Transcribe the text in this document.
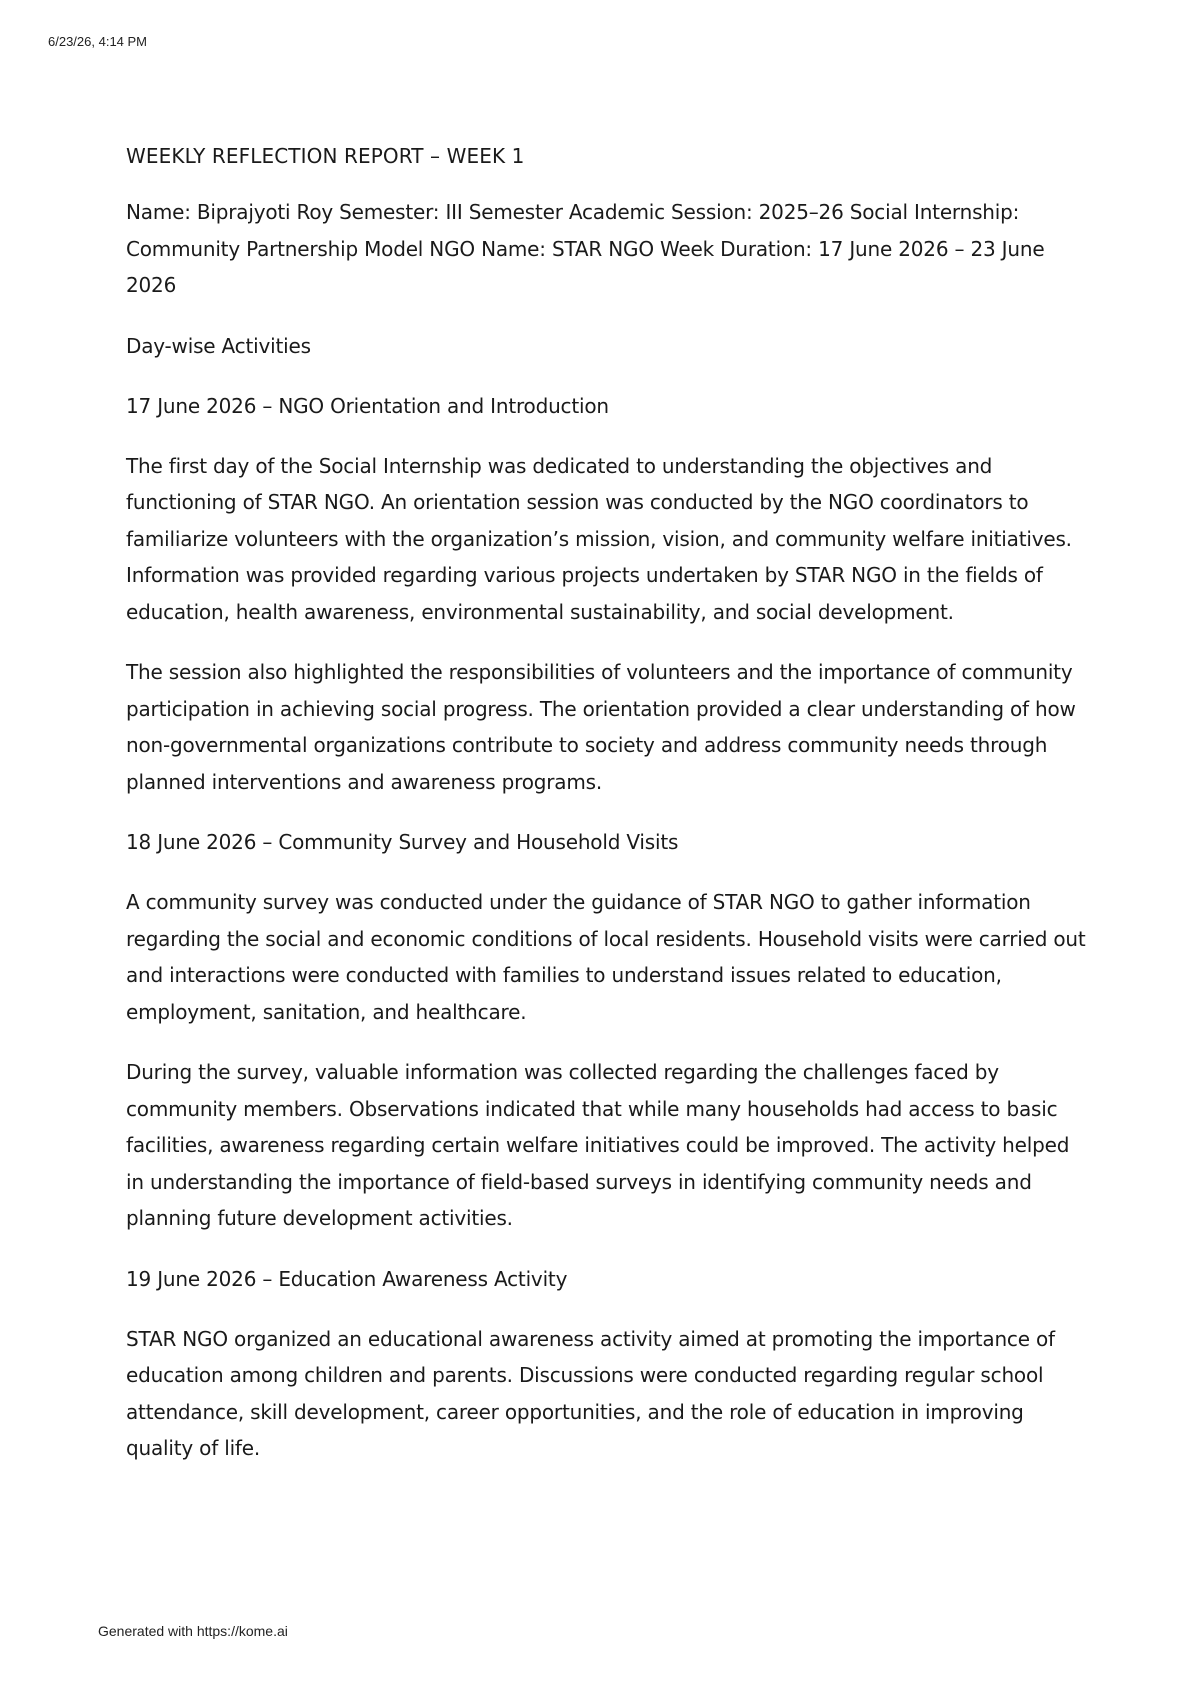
6/23/26, 4:14 PM

WEEKLY REFLECTION REPORT – WEEK 1

Name: Biprajyoti Roy Semester: III Semester Academic Session: 2025–26 Social Internship: Community Partnership Model NGO Name: STAR NGO Week Duration: 17 June 2026 – 23 June 2026

Day-wise Activities
17 June 2026 – NGO Orientation and Introduction

The first day of the Social Internship was dedicated to understanding the objectives and functioning of STAR NGO. An orientation session was conducted by the NGO coordinators to familiarize volunteers with the organization’s mission, vision, and community welfare initiatives. Information was provided regarding various projects undertaken by STAR NGO in the fields of education, health awareness, environmental sustainability, and social development.

The session also highlighted the responsibilities of volunteers and the importance of community participation in achieving social progress. The orientation provided a clear understanding of how non-governmental organizations contribute to society and address community needs through planned interventions and awareness programs.

18 June 2026 – Community Survey and Household Visits

A community survey was conducted under the guidance of STAR NGO to gather information regarding the social and economic conditions of local residents. Household visits were carried out and interactions were conducted with families to understand issues related to education, employment, sanitation, and healthcare.

During the survey, valuable information was collected regarding the challenges faced by community members. Observations indicated that while many households had access to basic facilities, awareness regarding certain welfare initiatives could be improved. The activity helped in understanding the importance of field-based surveys in identifying community needs and planning future development activities.

19 June 2026 – Education Awareness Activity

STAR NGO organized an educational awareness activity aimed at promoting the importance of education among children and parents. Discussions were conducted regarding regular school attendance, skill development, career opportunities, and the role of education in improving quality of life.

Generated with https://kome.ai
